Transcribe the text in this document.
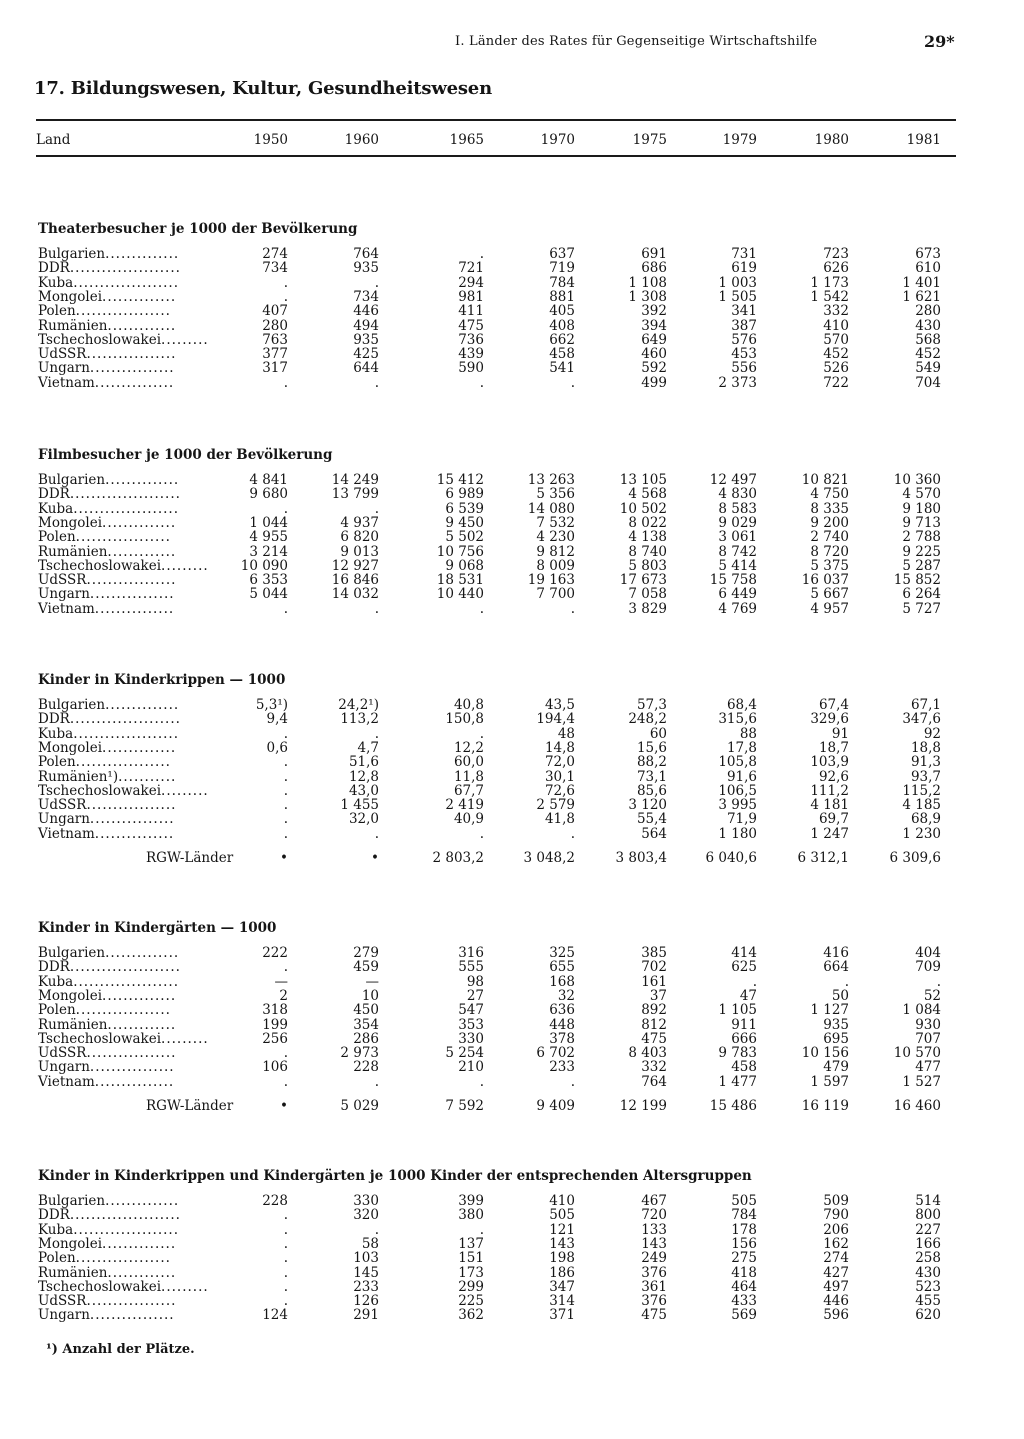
I. Länder des Rates für Gegenseitige Wirtschaftshilfe	29*
17. Bildungswesen, Kultur, Gesundheitswesen
Land	1950	1960	1965	1970	1975	1979	1980	1981
Theaterbesucher je 1000 der Bevölkerung
Bulgarien..............	274	764	.	637	691	731	723	673
DDR.....................	734	935	721	719	686	619	626	610
Kuba....................	.	.	294	784	1 108	1 003	1 173	1 401
Mongolei..............	.	734	981	881	1 308	1 505	1 542	1 621
Polen..................	407	446	411	405	392	341	332	280
Rumänien.............	280	494	475	408	394	387	410	430
Tschechoslowakei.........	763	935	736	662	649	576	570	568
UdSSR.................	377	425	439	458	460	453	452	452
Ungarn................	317	644	590	541	592	556	526	549
Vietnam...............	.	.	.	.	499	2 373	722	704
Filmbesucher je 1000 der Bevölkerung
Bulgarien..............	4 841	14 249	15 412	13 263	13 105	12 497	10 821	10 360
DDR.....................	9 680	13 799	6 989	5 356	4 568	4 830	4 750	4 570
Kuba....................	.	.	6 539	14 080	10 502	8 583	8 335	9 180
Mongolei..............	1 044	4 937	9 450	7 532	8 022	9 029	9 200	9 713
Polen..................	4 955	6 820	5 502	4 230	4 138	3 061	2 740	2 788
Rumänien.............	3 214	9 013	10 756	9 812	8 740	8 742	8 720	9 225
Tschechoslowakei.........	10 090	12 927	9 068	8 009	5 803	5 414	5 375	5 287
UdSSR.................	6 353	16 846	18 531	19 163	17 673	15 758	16 037	15 852
Ungarn................	5 044	14 032	10 440	7 700	7 058	6 449	5 667	6 264
Vietnam...............	.	.	.	.	3 829	4 769	4 957	5 727
Kinder in Kinderkrippen — 1000
Bulgarien..............	5,3¹)	24,2¹)	40,8	43,5	57,3	68,4	67,4	67,1
DDR.....................	9,4	113,2	150,8	194,4	248,2	315,6	329,6	347,6
Kuba....................	.	.	.	48	60	88	91	92
Mongolei..............	0,6	4,7	12,2	14,8	15,6	17,8	18,7	18,8
Polen..................	.	51,6	60,0	72,0	88,2	105,8	103,9	91,3
Rumänien¹)...........	.	12,8	11,8	30,1	73,1	91,6	92,6	93,7
Tschechoslowakei.........	.	43,0	67,7	72,6	85,6	106,5	111,2	115,2
UdSSR.................	.	1 455	2 419	2 579	3 120	3 995	4 181	4 185
Ungarn................	.	32,0	40,9	41,8	55,4	71,9	69,7	68,9
Vietnam...............	.	.	.	.	564	1 180	1 247	1 230
RGW-Länder	•	•	2 803,2	3 048,2	3 803,4	6 040,6	6 312,1	6 309,6
Kinder in Kindergärten — 1000
Bulgarien..............	222	279	316	325	385	414	416	404
DDR.....................	.	459	555	655	702	625	664	709
Kuba....................	—	—	98	168	161	.	.	.
Mongolei..............	2	10	27	32	37	47	50	52
Polen..................	318	450	547	636	892	1 105	1 127	1 084
Rumänien.............	199	354	353	448	812	911	935	930
Tschechoslowakei.........	256	286	330	378	475	666	695	707
UdSSR.................	.	2 973	5 254	6 702	8 403	9 783	10 156	10 570
Ungarn................	106	228	210	233	332	458	479	477
Vietnam...............	.	.	.	.	764	1 477	1 597	1 527
RGW-Länder	•	5 029	7 592	9 409	12 199	15 486	16 119	16 460
Kinder in Kinderkrippen und Kindergärten je 1000 Kinder der entsprechenden Altersgruppen
Bulgarien..............	228	330	399	410	467	505	509	514
DDR.....................	.	320	380	505	720	784	790	800
Kuba....................	.	.	.	121	133	178	206	227
Mongolei..............	.	58	137	143	143	156	162	166
Polen..................	.	103	151	198	249	275	274	258
Rumänien.............	.	145	173	186	376	418	427	430
Tschechoslowakei.........	.	233	299	347	361	464	497	523
UdSSR.................	.	126	225	314	376	433	446	455
Ungarn................	124	291	362	371	475	569	596	620
¹) Anzahl der Plätze.
